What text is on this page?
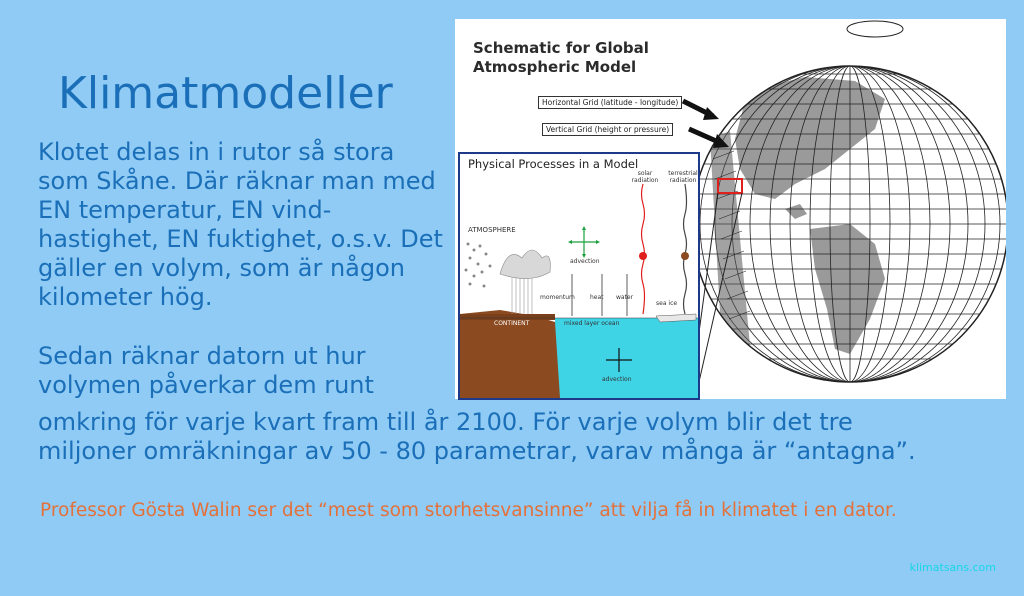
Klimatmodeller

Klotet delas in i rutor så stora som Skåne. Där räknar man med EN temperatur, EN vind-hastighet, EN fuktighet, o.s.v. Det gäller en volym, som är någon kilometer hög.

Sedan räknar datorn ut hur volymen påverkar dem runt

omkring för varje kvart fram till år 2100. För varje volym blir det tre
miljoner omräkningar av 50 - 80 parametrar, varav många är “antagna”.

Professor Gösta Walin ser det “mest som storhetsvansinne” att vilja få in klimatet i en dator.

klimatsans.com

Schematic for Global
Atmospheric Model
Horizontal Grid (latitude - longitude)
Vertical Grid (height or pressure)
Physical Processes in a Model
ATMOSPHERE
advection
solar radiation
terrestrial radiation
momentum	heat water
sea ice
CONTINENT	mixed layer ocean
advection
